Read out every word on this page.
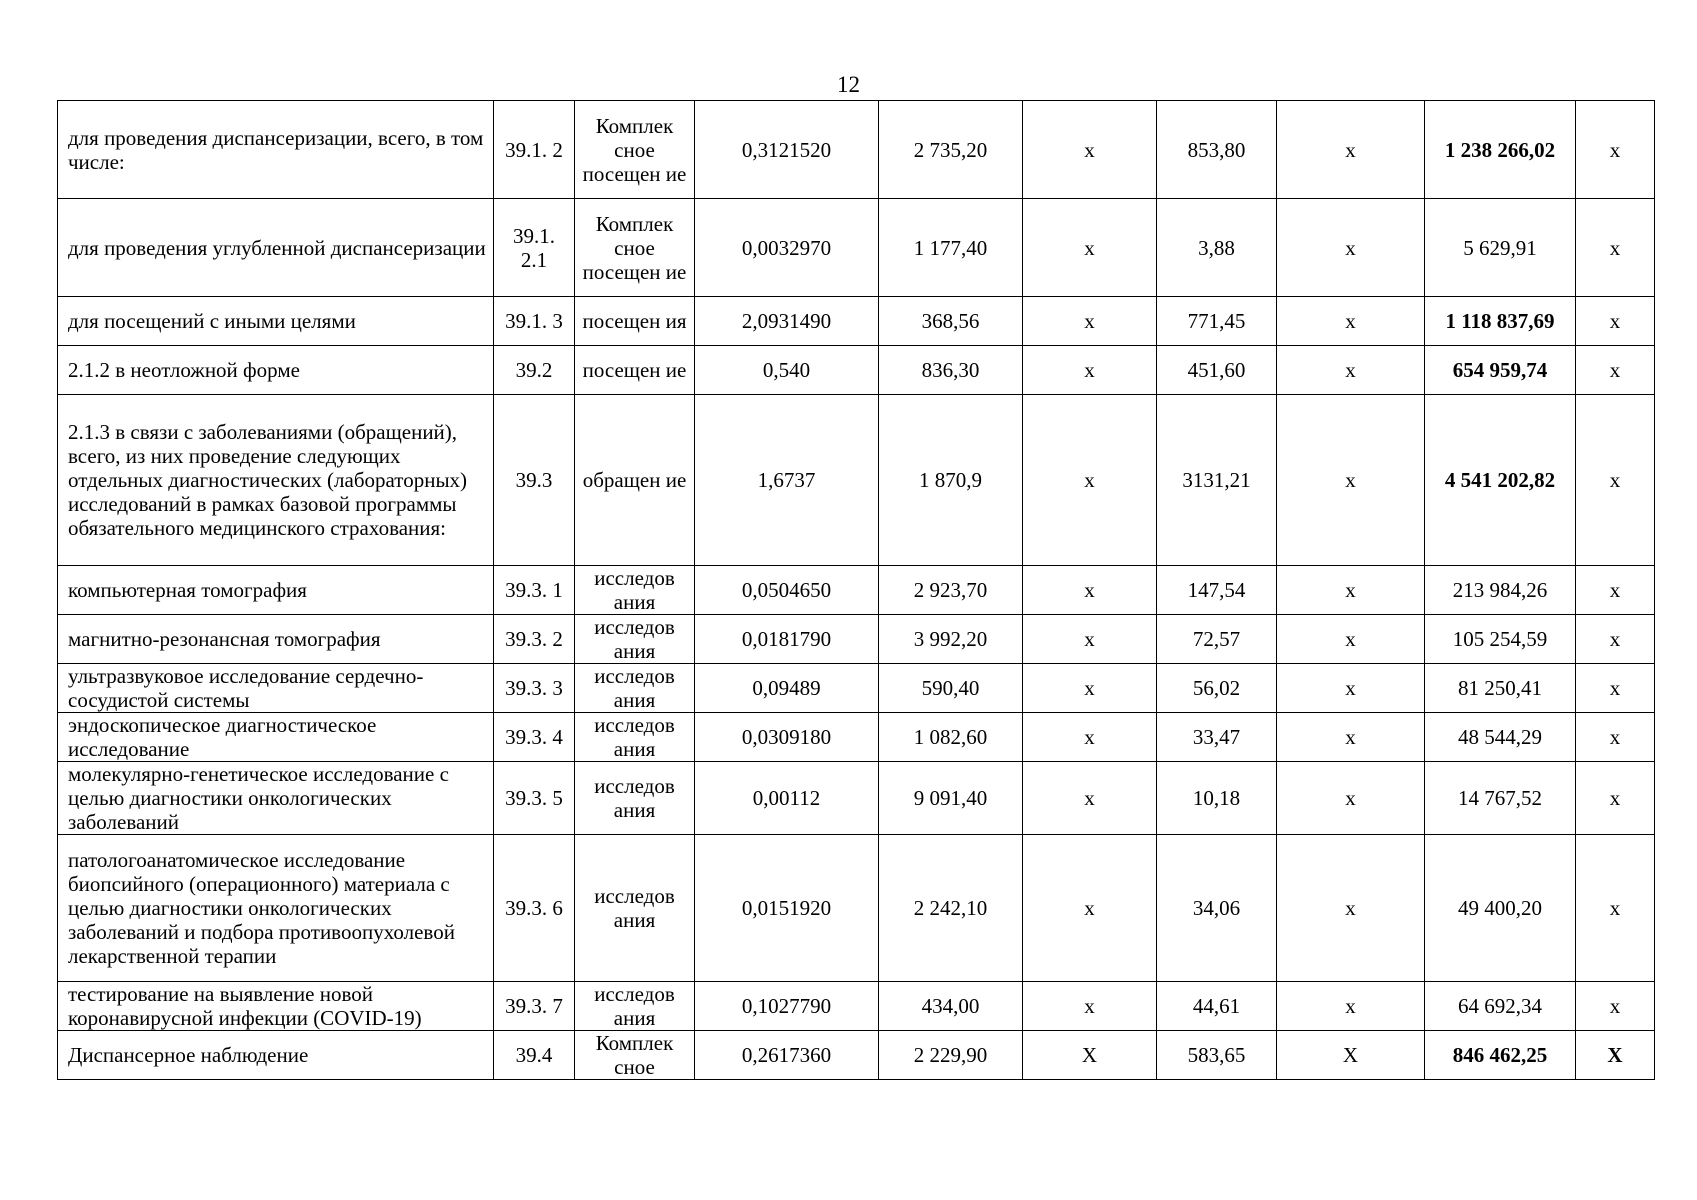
12
для проведения диспансеризации, всего, в том числе:	39.1. 2	Комплек сное посещен ие	0,3121520	2 735,20	х	853,80	х	1 238 266,02	х
для проведения углубленной диспансеризации	39.1. 2.1	Комплек сное посещен ие	0,0032970	1 177,40	х	3,88	х	5 629,91	х
для посещений с иными целями	39.1. 3	посещен ия	2,0931490	368,56	х	771,45	х	1 118 837,69	х
2.1.2 в неотложной форме	39.2	посещен ие	0,540	836,30	х	451,60	х	654 959,74	х
2.1.3 в связи с заболеваниями (обращений), всего, из них проведение следующих отдельных диагностических (лабораторных) исследований в рамках базовой программы обязательного медицинского страхования:	39.3	обращен ие	1,6737	1 870,9	х	3131,21	х	4 541 202,82	х
компьютерная томография	39.3. 1	исследов ания	0,0504650	2 923,70	х	147,54	х	213 984,26	х
магнитно-резонансная томография	39.3. 2	исследов ания	0,0181790	3 992,20	х	72,57	х	105 254,59	х
ультразвуковое исследование сердечно-сосудистой системы	39.3. 3	исследов ания	0,09489	590,40	х	56,02	х	81 250,41	х
эндоскопическое диагностическое исследование	39.3. 4	исследов ания	0,0309180	1 082,60	х	33,47	х	48 544,29	х
молекулярно-генетическое исследование с целью диагностики онкологических заболеваний	39.3. 5	исследов ания	0,00112	9 091,40	х	10,18	х	14 767,52	х
патологоанатомическое исследование биопсийного (операционного) материала с целью диагностики онкологических заболеваний и подбора противоопухолевой лекарственной терапии	39.3. 6	исследов ания	0,0151920	2 242,10	х	34,06	х	49 400,20	х
тестирование на выявление новой коронавирусной инфекции (COVID-19)	39.3. 7	исследов ания	0,1027790	434,00	х	44,61	х	64 692,34	х
Диспансерное наблюдение	39.4	Комплек сное	0,2617360	2 229,90	Х	583,65	Х	846 462,25	Х
